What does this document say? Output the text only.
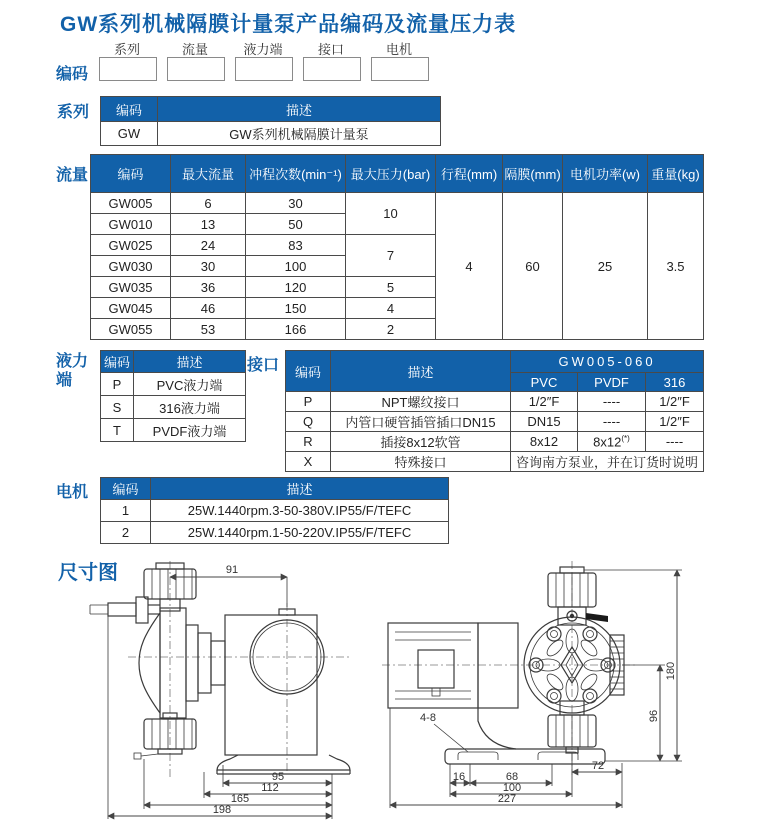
GW系列机械隔膜计量泵产品编码及流量压力表
编码
系列	流量	液力端	接口	电机
系列 编码	描述
GW	GW系列机械隔膜计量泵
流量 编码	最大流量	冲程次数(min⁻¹)	最大压力(bar)	行程(mm)	隔膜(mm)	电机功率(w)	重量(kg)
GW005	6	30	10	4	60	25	3.5
GW010	13	50					
GW025	24	83	7				
GW030	30	100					
GW035	36	120	5				
GW045	46	150	4				
GW055	53	166	2				
液力端
编码	描述
P	PVC液力端
S	316液力端
T	PVDF液力端
接口 编码	描述	GW005-060		
		PVC	PVDF	316
P	NPT螺纹接口	1/2″F	----	1/2″F
Q	内管口硬管插管插口DN15	DN15	----	1/2″F
R	插接8x12软管	8x12	8x12(*)	----
X	特殊接口	咨询南方泵业，并在订货时说明		
电机 编码	描述
1	25W.1440rpm.3-50-380V.IP55/F/TEFC
2	25W.1440rpm.1-50-220V.IP55/F/TEFC
尺寸图	91
95
112
165
198
4-8
72
16	68
100
227
96
180
